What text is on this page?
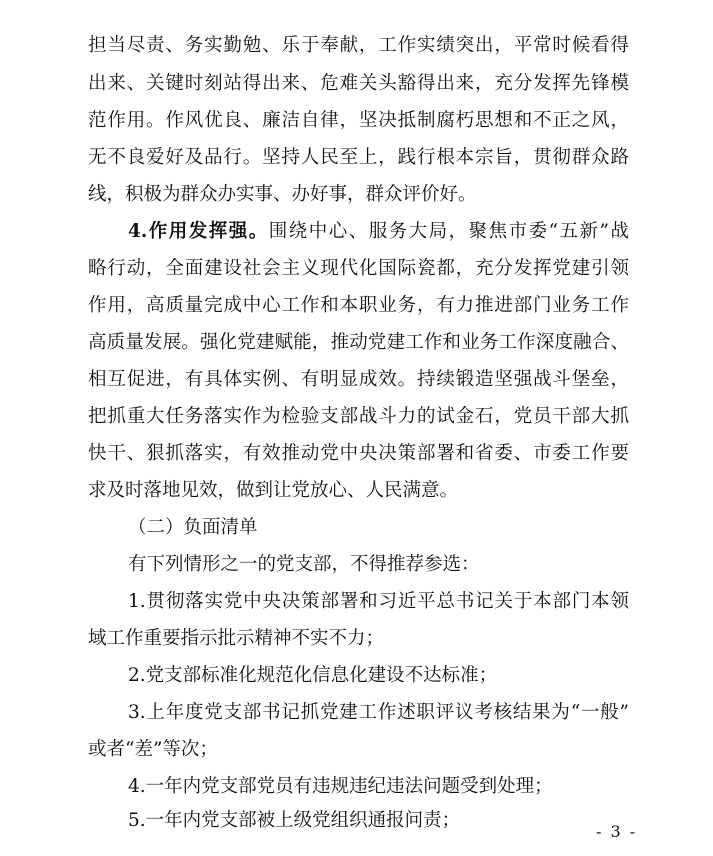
担当尽责、务实勤勉、乐于奉献，工作实绩突出，平常时候看得
出来、关键时刻站得出来、危难关头豁得出来，充分发挥先锋模
范作用。作风优良、廉洁自律，坚决抵制腐朽思想和不正之风，
无不良爱好及品行。坚持人民至上，践行根本宗旨，贯彻群众路
线，积极为群众办实事、办好事，群众评价好。
4.作用发挥强。围绕中心、服务大局，聚焦市委“五新”战
略行动，全面建设社会主义现代化国际瓷都，充分发挥党建引领
作用，高质量完成中心工作和本职业务，有力推进部门业务工作
高质量发展。强化党建赋能，推动党建工作和业务工作深度融合、
相互促进，有具体实例、有明显成效。持续锻造坚强战斗堡垒，
把抓重大任务落实作为检验支部战斗力的试金石，党员干部大抓
快干、狠抓落实，有效推动党中央决策部署和省委、市委工作要
求及时落地见效，做到让党放心、人民满意。
（二）负面清单
有下列情形之一的党支部，不得推荐参选：
1.贯彻落实党中央决策部署和习近平总书记关于本部门本领
域工作重要指示批示精神不实不力；
2.党支部标准化规范化信息化建设不达标准；
3.上年度党支部书记抓党建工作述职评议考核结果为“一般”
或者“差”等次；
4.一年内党支部党员有违规违纪违法问题受到处理；
5.一年内党支部被上级党组织通报问责；
- 3 -
